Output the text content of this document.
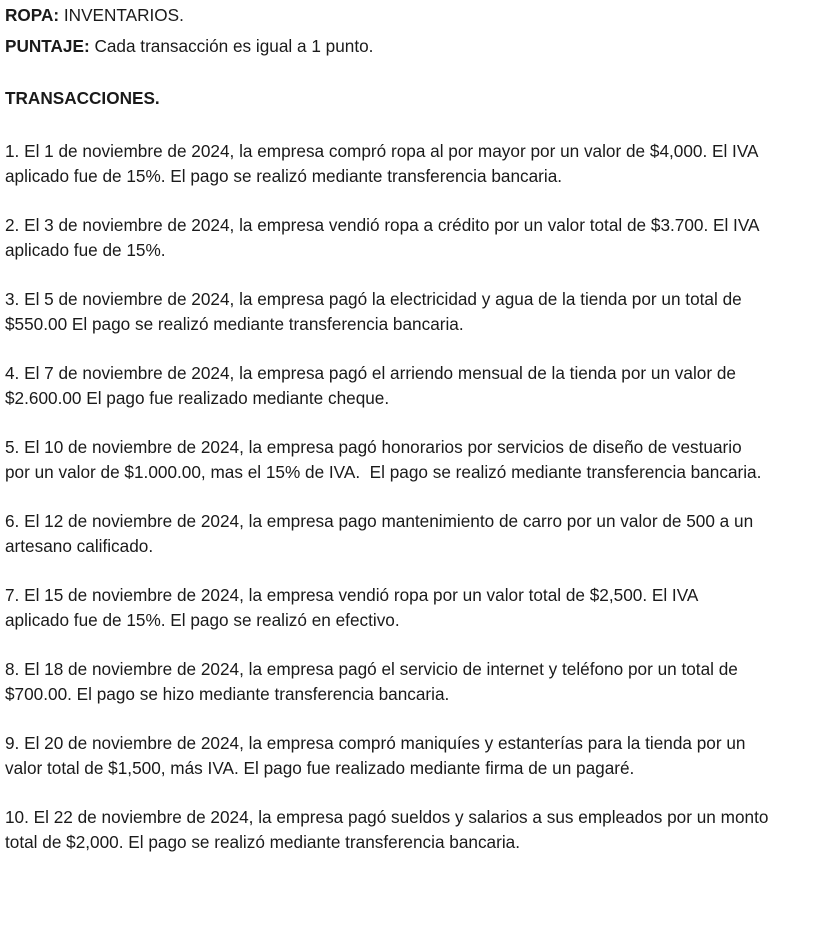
ROPA: INVENTARIOS.
PUNTAJE: Cada transacción es igual a 1 punto.
TRANSACCIONES.
1. El 1 de noviembre de 2024, la empresa compró ropa al por mayor por un valor de $4,000. El IVA
aplicado fue de 15%. El pago se realizó mediante transferencia bancaria.
2. El 3 de noviembre de 2024, la empresa vendió ropa a crédito por un valor total de $3.700. El IVA
aplicado fue de 15%.
3. El 5 de noviembre de 2024, la empresa pagó la electricidad y agua de la tienda por un total de
$550.00 El pago se realizó mediante transferencia bancaria.
4. El 7 de noviembre de 2024, la empresa pagó el arriendo mensual de la tienda por un valor de
$2.600.00 El pago fue realizado mediante cheque.
5. El 10 de noviembre de 2024, la empresa pagó honorarios por servicios de diseño de vestuario
por un valor de $1.000.00, mas el 15% de IVA.  El pago se realizó mediante transferencia bancaria.
6. El 12 de noviembre de 2024, la empresa pago mantenimiento de carro por un valor de 500 a un
artesano calificado.
7. El 15 de noviembre de 2024, la empresa vendió ropa por un valor total de $2,500. El IVA
aplicado fue de 15%. El pago se realizó en efectivo.
8. El 18 de noviembre de 2024, la empresa pagó el servicio de internet y teléfono por un total de
$700.00. El pago se hizo mediante transferencia bancaria.
9. El 20 de noviembre de 2024, la empresa compró maniquíes y estanterías para la tienda por un
valor total de $1,500, más IVA. El pago fue realizado mediante firma de un pagaré.
10. El 22 de noviembre de 2024, la empresa pagó sueldos y salarios a sus empleados por un monto
total de $2,000. El pago se realizó mediante transferencia bancaria.
